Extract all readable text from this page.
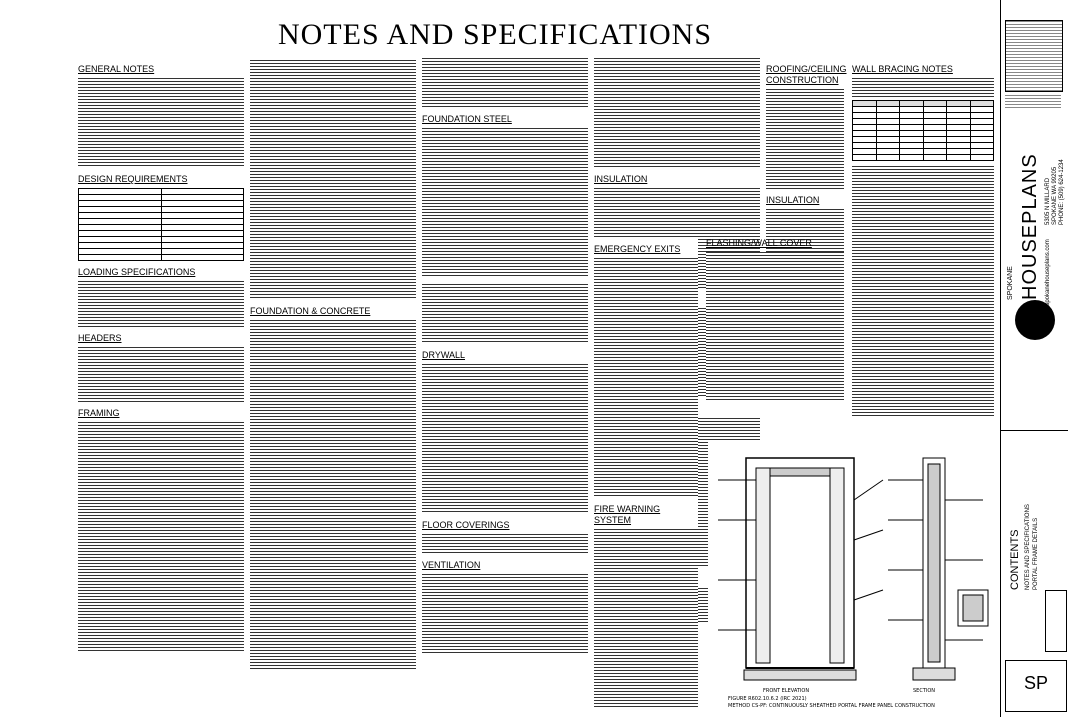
NOTES AND SPECIFICATIONS
GENERAL NOTES
DESIGN REQUIREMENTS

LOADING SPECIFICATIONS
HEADERS
FRAMING
FOUNDATION & CONCRETE
FOUNDATION STEEL
DRYWALL
FLOOR COVERINGS
VENTILATION
INSULATION
ROOFING/CEILING CONSTRUCTION
INSULATION
FLASHING/WALL COVER
EMERGENCY EXITS
FIRE WARNING SYSTEM
WALL BRACING NOTES

FRONT ELEVATION	SECTION
FIGURE R602.10.6.2 (IRC 2021)
METHOD CS-PF: CONTINUOUSLY SHEATHED PORTAL FRAME PANEL CONSTRUCTION
HOUSEPLANS
SPOKANE
5305 N MILLARD SPOKANE WA 99205 PHONE: (509) 624-1234
www.spokanehouseplans.com
CONTENTS NOTES AND SPECIFICATIONS PORTAL FRAME DETAILS
SP
